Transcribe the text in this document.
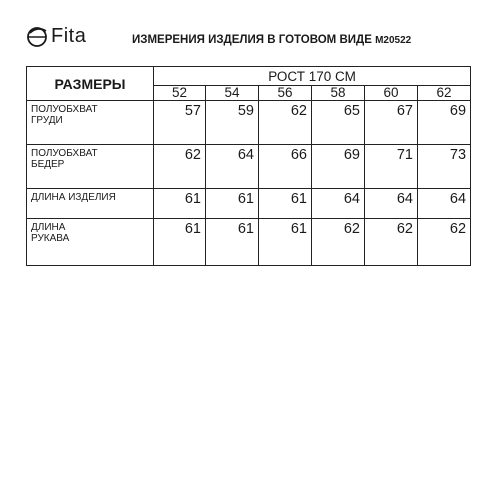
Fita	ИЗМЕРЕНИЯ ИЗДЕЛИЯ В ГОТОВОМ ВИДЕ М20522
РАЗМЕРЫ	РОСТ 170 СМ					
	52	54	56	58	60	62
ПОЛУОБХВАТ
ГРУДИ	57	59	62	65	67	69
ПОЛУОБХВАТ
БЕДЕР	62	64	66	69	71	73
ДЛИНА ИЗДЕЛИЯ	61	61	61	64	64	64
ДЛИНА
РУКАВА	61	61	61	62	62	62
